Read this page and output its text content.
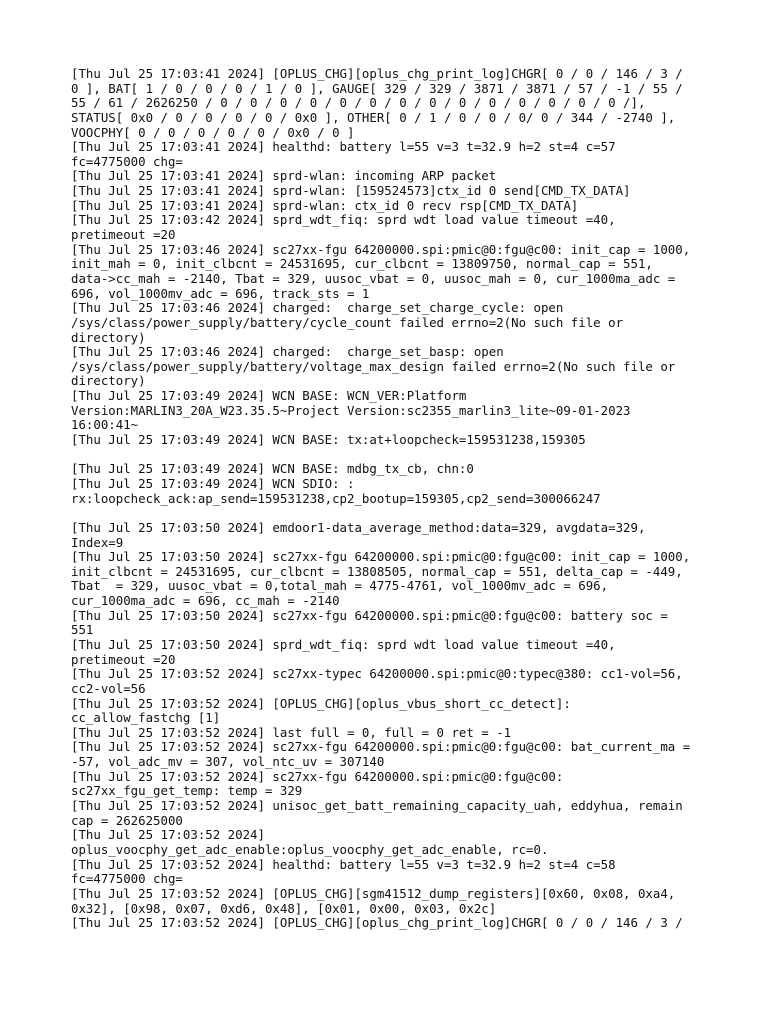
[Thu Jul 25 17:03:41 2024] [OPLUS_CHG][oplus_chg_print_log]CHGR[ 0 / 0 / 146 / 3 /
0 ], BAT[ 1 / 0 / 0 / 0 / 1 / 0 ], GAUGE[ 329 / 329 / 3871 / 3871 / 57 / -1 / 55 /
55 / 61 / 2626250 / 0 / 0 / 0 / 0 / 0 / 0 / 0 / 0 / 0 / 0 / 0 / 0 / 0 / 0 /],
STATUS[ 0x0 / 0 / 0 / 0 / 0 / 0x0 ], OTHER[ 0 / 1 / 0 / 0 / 0/ 0 / 344 / -2740 ],
VOOCPHY[ 0 / 0 / 0 / 0 / 0 / 0x0 / 0 ]
[Thu Jul 25 17:03:41 2024] healthd: battery l=55 v=3 t=32.9 h=2 st=4 c=57
fc=4775000 chg=
[Thu Jul 25 17:03:41 2024] sprd-wlan: incoming ARP packet
[Thu Jul 25 17:03:41 2024] sprd-wlan: [159524573]ctx_id 0 send[CMD_TX_DATA]
[Thu Jul 25 17:03:41 2024] sprd-wlan: ctx_id 0 recv rsp[CMD_TX_DATA]
[Thu Jul 25 17:03:42 2024] sprd_wdt_fiq: sprd wdt load value timeout =40,
pretimeout =20
[Thu Jul 25 17:03:46 2024] sc27xx-fgu 64200000.spi:pmic@0:fgu@c00: init_cap = 1000,
init_mah = 0, init_clbcnt = 24531695, cur_clbcnt = 13809750, normal_cap = 551,
data->cc_mah = -2140, Tbat = 329, uusoc_vbat = 0, uusoc_mah = 0, cur_1000ma_adc =
696, vol_1000mv_adc = 696, track_sts = 1
[Thu Jul 25 17:03:46 2024] charged:  charge_set_charge_cycle: open
/sys/class/power_supply/battery/cycle_count failed errno=2(No such file or
directory)
[Thu Jul 25 17:03:46 2024] charged:  charge_set_basp: open
/sys/class/power_supply/battery/voltage_max_design failed errno=2(No such file or
directory)
[Thu Jul 25 17:03:49 2024] WCN BASE: WCN_VER:Platform
Version:MARLIN3_20A_W23.35.5~Project Version:sc2355_marlin3_lite~09-01-2023
16:00:41~
[Thu Jul 25 17:03:49 2024] WCN BASE: tx:at+loopcheck=159531238,159305
[Thu Jul 25 17:03:49 2024] WCN BASE: mdbg_tx_cb, chn:0
[Thu Jul 25 17:03:49 2024] WCN SDIO: :
rx:loopcheck_ack:ap_send=159531238,cp2_bootup=159305,cp2_send=300066247
[Thu Jul 25 17:03:50 2024] emdoor1-data_average_method:data=329, avgdata=329,
Index=9
[Thu Jul 25 17:03:50 2024] sc27xx-fgu 64200000.spi:pmic@0:fgu@c00: init_cap = 1000,
init_clbcnt = 24531695, cur_clbcnt = 13808505, normal_cap = 551, delta_cap = -449,
Tbat  = 329, uusoc_vbat = 0,total_mah = 4775-4761, vol_1000mv_adc = 696,
cur_1000ma_adc = 696, cc_mah = -2140
[Thu Jul 25 17:03:50 2024] sc27xx-fgu 64200000.spi:pmic@0:fgu@c00: battery soc =
551
[Thu Jul 25 17:03:50 2024] sprd_wdt_fiq: sprd wdt load value timeout =40,
pretimeout =20
[Thu Jul 25 17:03:52 2024] sc27xx-typec 64200000.spi:pmic@0:typec@380: cc1-vol=56,
cc2-vol=56
[Thu Jul 25 17:03:52 2024] [OPLUS_CHG][oplus_vbus_short_cc_detect]:
cc_allow_fastchg [1]
[Thu Jul 25 17:03:52 2024] last full = 0, full = 0 ret = -1
[Thu Jul 25 17:03:52 2024] sc27xx-fgu 64200000.spi:pmic@0:fgu@c00: bat_current_ma =
-57, vol_adc_mv = 307, vol_ntc_uv = 307140
[Thu Jul 25 17:03:52 2024] sc27xx-fgu 64200000.spi:pmic@0:fgu@c00:
sc27xx_fgu_get_temp: temp = 329
[Thu Jul 25 17:03:52 2024] unisoc_get_batt_remaining_capacity_uah, eddyhua, remain
cap = 262625000
[Thu Jul 25 17:03:52 2024]
oplus_voocphy_get_adc_enable:oplus_voocphy_get_adc_enable, rc=0.
[Thu Jul 25 17:03:52 2024] healthd: battery l=55 v=3 t=32.9 h=2 st=4 c=58
fc=4775000 chg=
[Thu Jul 25 17:03:52 2024] [OPLUS_CHG][sgm41512_dump_registers][0x60, 0x08, 0xa4,
0x32], [0x98, 0x07, 0xd6, 0x48], [0x01, 0x00, 0x03, 0x2c]
[Thu Jul 25 17:03:52 2024] [OPLUS_CHG][oplus_chg_print_log]CHGR[ 0 / 0 / 146 / 3 /
